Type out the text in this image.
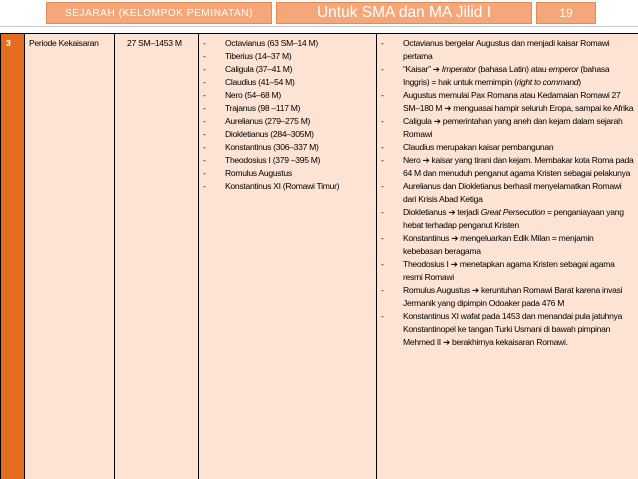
SEJARAH (KELOMPOK PEMINATAN)	Untuk SMA dan MA Jilid I	19
3	Periode Kekaisaran	27 SM–1453 M
-	Octavianus (63 SM–14 M)
- Tiberius (14–37 M)
- Caligula (37–41 M)
- Claudius (41–54 M)
- Nero (54–68 M)
- Trajanus (98 –117 M)
- Aurelianus (279–275 M)
- Diokletianus (284–305M)
- Konstantinus (306–337 M)
- Theodosius I (379 –395 M)
- Romulus Augustus
- Konstantinus XI (Romawi Timur)
- Octavianus bergelar Augustus dan menjadi kaisar Romawi pertama
- “Kaisar” ➔ Imperator (bahasa Latin) atau emperor (bahasa Inggris) = hak untuk memimpin (right to command)
- Augustus memulai Pax Romana atau Kedamaian Romawi 27 SM–180 M ➔ menguasai hampir seluruh Eropa, sampai ke Afrika
- Caligula ➔ pemerintahan yang aneh dan kejam dalam sejarah Romawi
- Claudius merupakan kaisar pembangunan
- Nero ➔ kaisar yang tirani dan kejam. Membakar kota Roma pada 64 M dan menuduh penganut agama Kristen sebagai pelakunya
- Aurelianus dan Diokletianus berhasil menyelamatkan Romawi dari Krisis Abad Ketiga
- Diokletianus ➔ terjadi Great Persecution = penganiayaan yang hebat terhadap penganut Kristen
- Konstantinus ➔ mengeluarkan Edik Milan = menjamin kebebasan beragama
- Theodosius I ➔ menetapkan agama Kristen sebagai agama resmi Romawi
- Romulus Augustus ➔ keruntuhan Romawi Barat karena invasi Jermanik yang dipimpin Odoaker pada 476 M
- Konstantinus XI wafat pada 1453 dan menandai pula jatuhnya Konstantinopel ke tangan Turki Usmani di bawah pimpinan Mehmed II ➔ berakhirnya kekaisaran Romawi.
